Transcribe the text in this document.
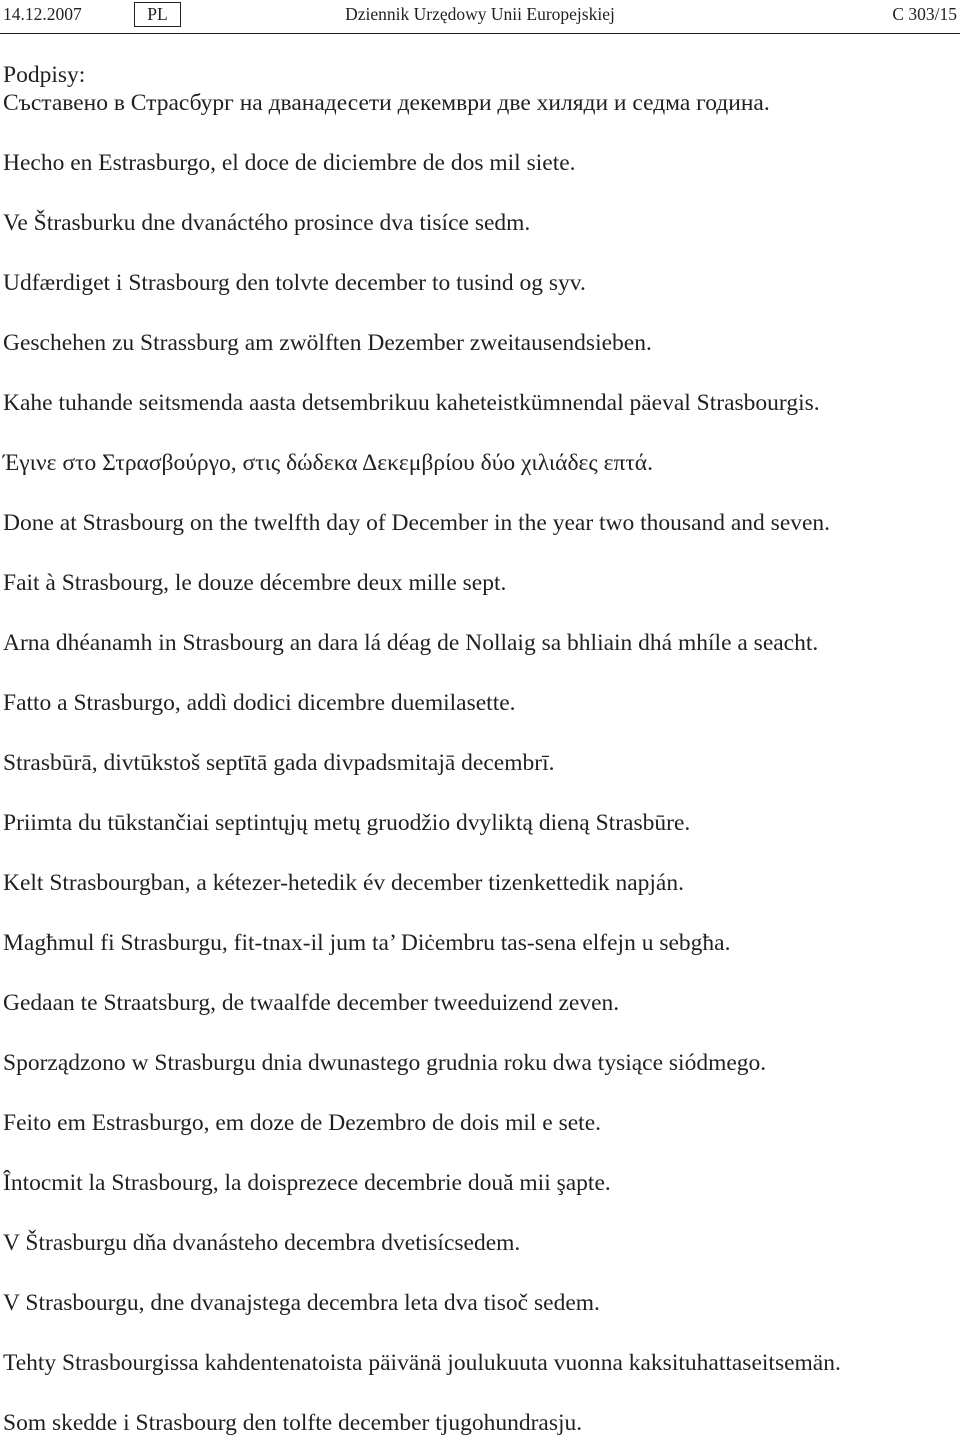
14.12.2007	PL	Dziennik Urzędowy Unii Europejskiej	C 303/15

Podpisy:

Съставено в Страсбург на дванадесети декември две хиляди и седма година.

Hecho en Estrasburgo, el doce de diciembre de dos mil siete.

Ve Štrasburku dne dvanáctého prosince dva tisíce sedm.

Udfærdiget i Strasbourg den tolvte december to tusind og syv.

Geschehen zu Strassburg am zwölften Dezember zweitausendsieben.

Kahe tuhande seitsmenda aasta detsembrikuu kaheteistkümnendal päeval Strasbourgis.

Έγινε στο Στρασβούργο, στις δώδεκα Δεκεμβρίου δύο χιλιάδες επτά.

Done at Strasbourg on the twelfth day of December in the year two thousand and seven.

Fait à Strasbourg, le douze décembre deux mille sept.

Arna dhéanamh in Strasbourg an dara lá déag de Nollaig sa bhliain dhá mhíle a seacht.

Fatto a Strasburgo, addì dodici dicembre duemilasette.

Strasbūrā, divtūkstoš septītā gada divpadsmitajā decembrī.

Priimta du tūkstančiai septintųjų metų gruodžio dvyliktą dieną Strasbūre.

Kelt Strasbourgban, a kétezer-hetedik év december tizenkettedik napján.

Magħmul fi Strasburgu, fit-tnax-il jum ta’ Diċembru tas-sena elfejn u sebgħa.

Gedaan te Straatsburg, de twaalfde december tweeduizend zeven.

Sporządzono w Strasburgu dnia dwunastego grudnia roku dwa tysiące siódmego.

Feito em Estrasburgo, em doze de Dezembro de dois mil e sete.

Întocmit la Strasbourg, la doisprezece decembrie două mii şapte.

V Štrasburgu dňa dvanásteho decembra dvetisícsedem.

V Strasbourgu, dne dvanajstega decembra leta dva tisoč sedem.

Tehty Strasbourgissa kahdentenatoista päivänä joulukuuta vuonna kaksituhattaseitsemän.

Som skedde i Strasbourg den tolfte december tjugohundrasju.
